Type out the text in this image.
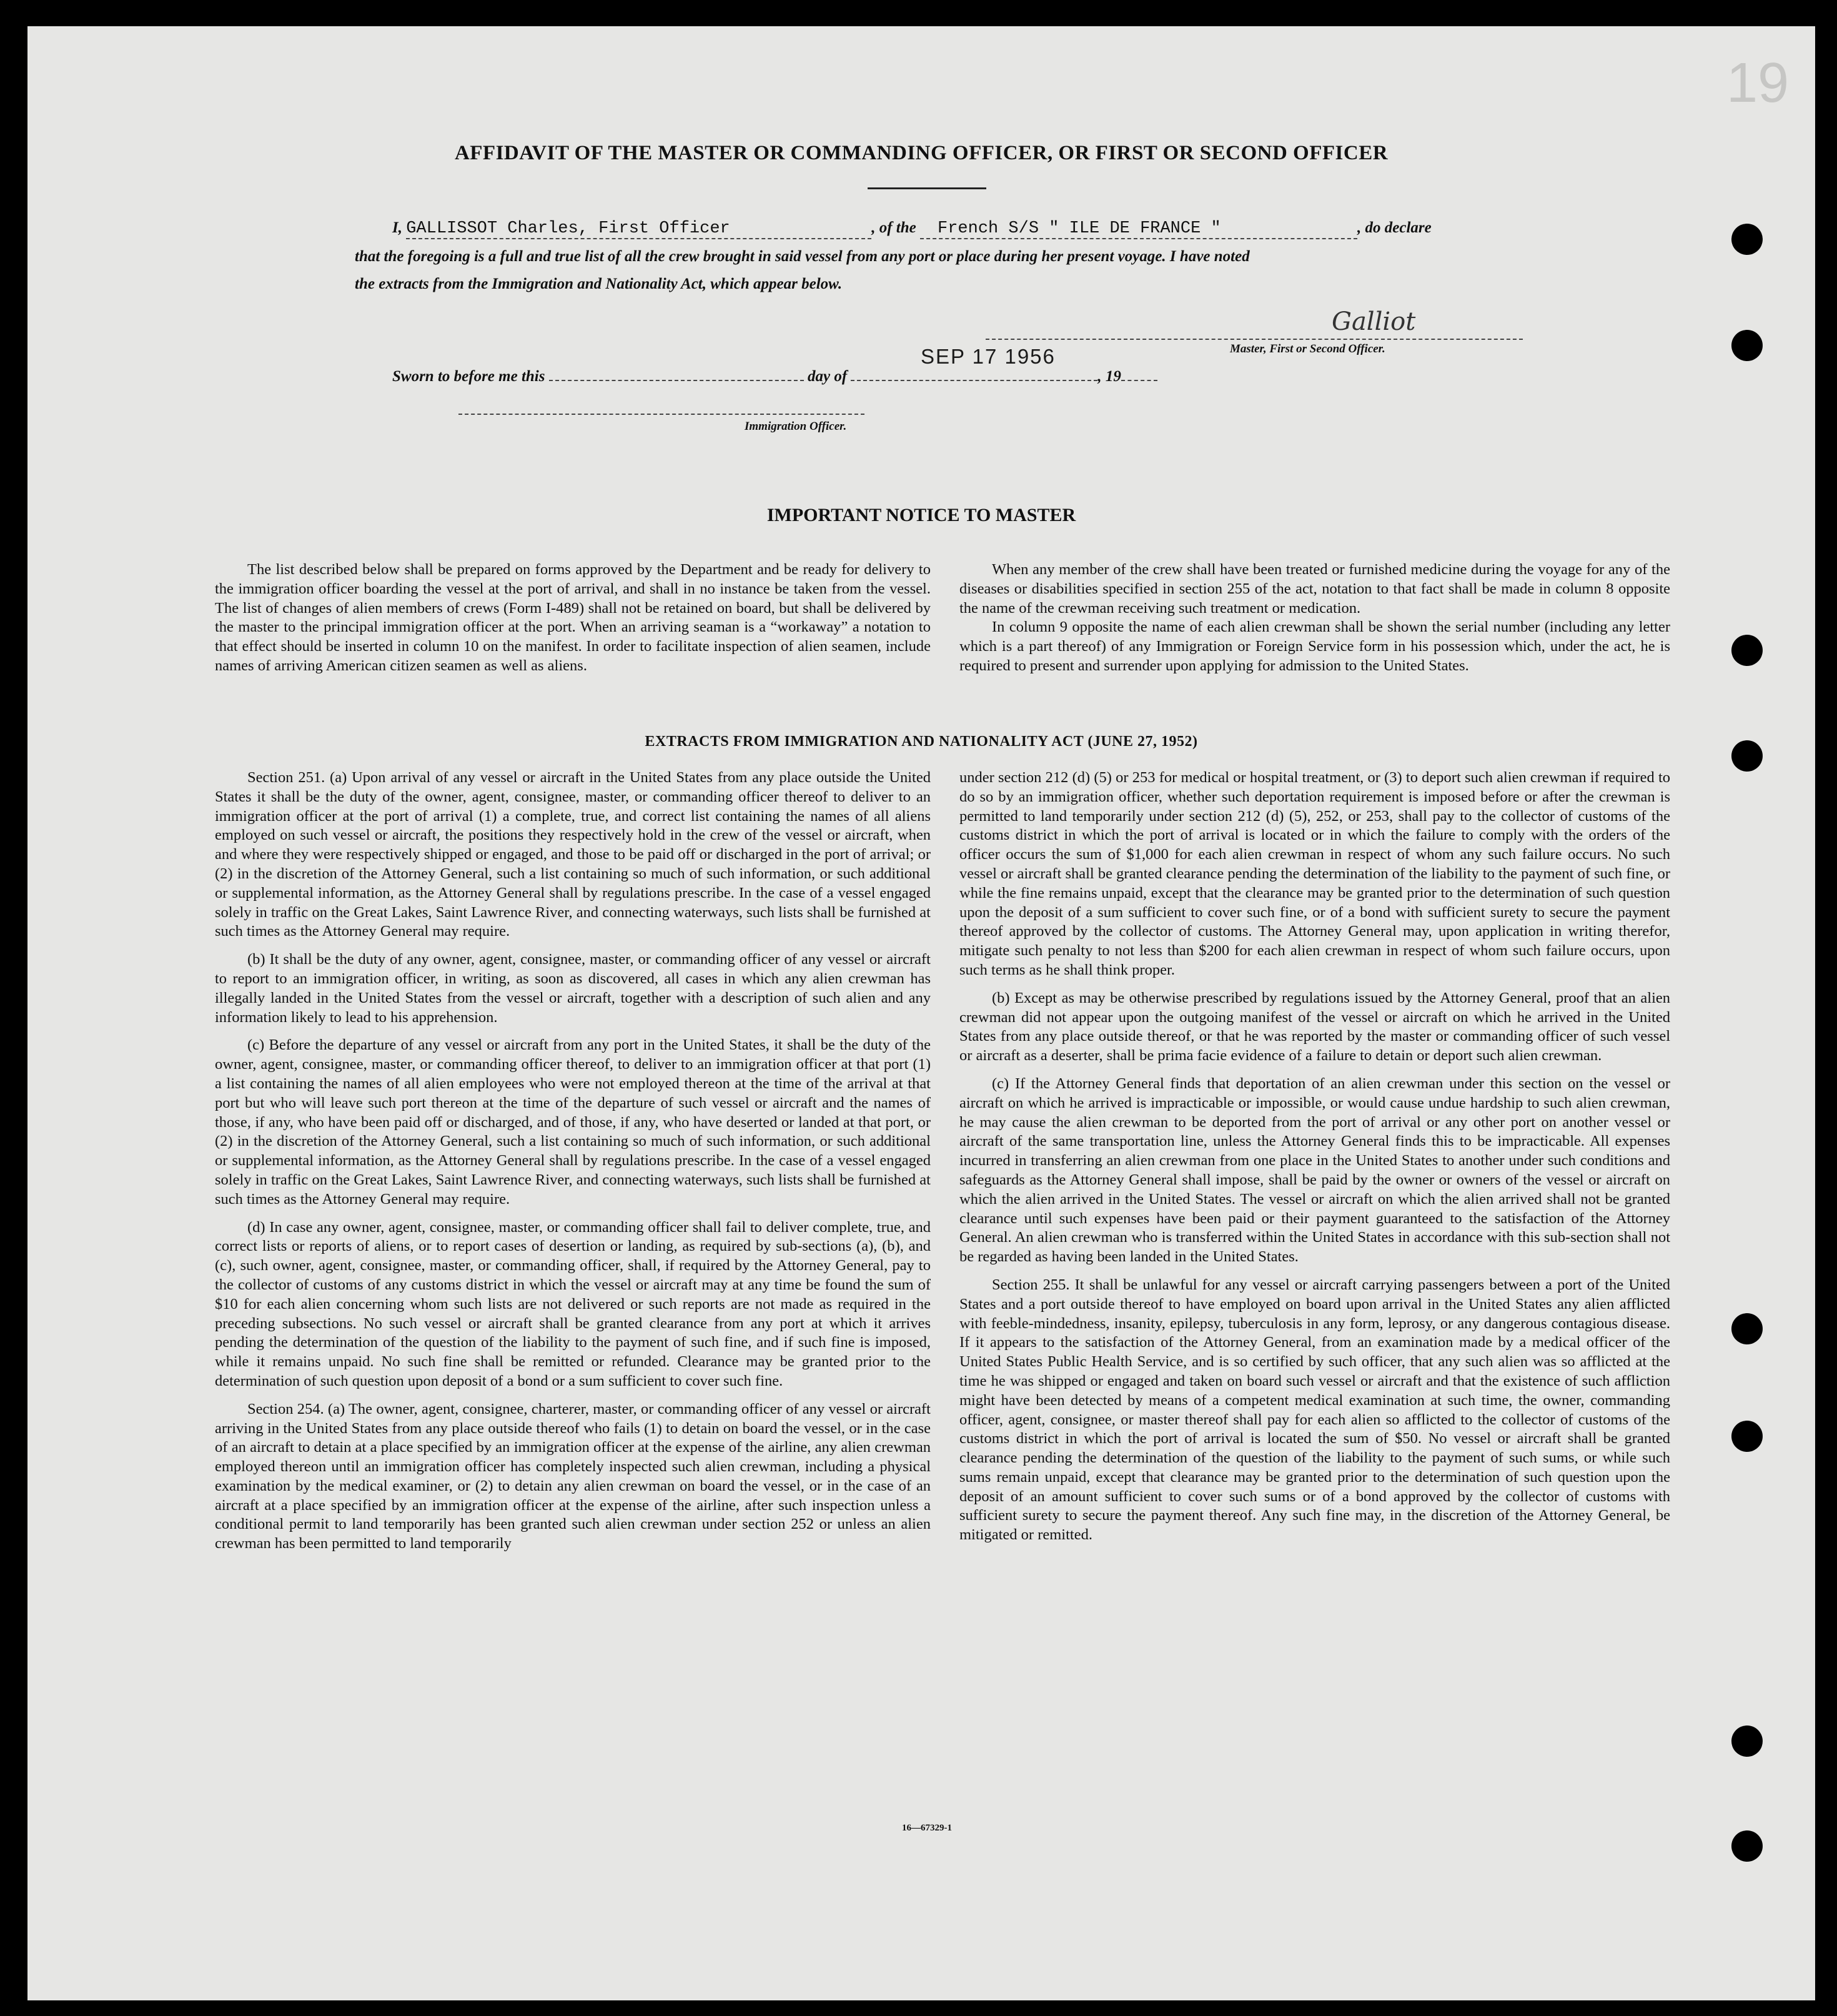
19
AFFIDAVIT OF THE MASTER OR COMMANDING OFFICER, OR FIRST OR SECOND OFFICER
I, GALLISSOT Charles, First Officer	, of the French S/S " ILE DE FRANCE "	, do declare
that the foregoing is a full and true list of all the crew brought in said vessel from any port or place during her present voyage. I have noted
the extracts from the Immigration and Nationality Act, which appear below.
Galliot
Master, First or Second Officer.
Sworn to before me this	day of	, 19
SEP 17 1956
Immigration Officer.
IMPORTANT NOTICE TO MASTER

The list described below shall be prepared on forms approved by the Department and be ready for delivery to the immigration officer boarding the vessel at the port of arrival, and shall in no instance be taken from the vessel. The list of changes of alien members of crews (Form I-489) shall not be retained on board, but shall be delivered by the master to the principal immigration officer at the port. When an arriving seaman is a “workaway” a notation to that effect should be inserted in column 10 on the manifest. In order to facilitate inspection of alien seamen, include names of arriving American citizen seamen as well as aliens.

When any member of the crew shall have been treated or furnished medicine during the voyage for any of the diseases or disabilities specified in section 255 of the act, notation to that fact shall be made in column 8 opposite the name of the crewman receiving such treatment or medication.

In column 9 opposite the name of each alien crewman shall be shown the serial number (including any letter which is a part thereof) of any Immigration or Foreign Service form in his possession which, under the act, he is required to present and surrender upon applying for admission to the United States.

EXTRACTS FROM IMMIGRATION AND NATIONALITY ACT (JUNE 27, 1952)

Section 251. (a) Upon arrival of any vessel or aircraft in the United States from any place outside the United States it shall be the duty of the owner, agent, consignee, master, or commanding officer thereof to deliver to an immigration officer at the port of arrival (1) a complete, true, and correct list containing the names of all aliens employed on such vessel or aircraft, the positions they respectively hold in the crew of the vessel or aircraft, when and where they were respectively shipped or engaged, and those to be paid off or discharged in the port of arrival; or (2) in the discretion of the Attorney General, such a list containing so much of such information, or such additional or supplemental information, as the Attorney General shall by regulations prescribe. In the case of a vessel engaged solely in traffic on the Great Lakes, Saint Lawrence River, and connecting waterways, such lists shall be furnished at such times as the Attorney General may require.

(b) It shall be the duty of any owner, agent, consignee, master, or commanding officer of any vessel or aircraft to report to an immigration officer, in writing, as soon as discovered, all cases in which any alien crewman has illegally landed in the United States from the vessel or aircraft, together with a description of such alien and any information likely to lead to his apprehension.

(c) Before the departure of any vessel or aircraft from any port in the United States, it shall be the duty of the owner, agent, consignee, master, or commanding officer thereof, to deliver to an immigration officer at that port (1) a list containing the names of all alien employees who were not employed thereon at the time of the arrival at that port but who will leave such port thereon at the time of the departure of such vessel or aircraft and the names of those, if any, who have been paid off or discharged, and of those, if any, who have deserted or landed at that port, or (2) in the discretion of the Attorney General, such a list containing so much of such information, or such additional or supplemental information, as the Attorney General shall by regulations prescribe. In the case of a vessel engaged solely in traffic on the Great Lakes, Saint Lawrence River, and connecting waterways, such lists shall be furnished at such times as the Attorney General may require.

(d) In case any owner, agent, consignee, master, or commanding officer shall fail to deliver complete, true, and correct lists or reports of aliens, or to report cases of desertion or landing, as required by sub-sections (a), (b), and (c), such owner, agent, consignee, master, or commanding officer, shall, if required by the Attorney General, pay to the collector of customs of any customs district in which the vessel or aircraft may at any time be found the sum of $10 for each alien concerning whom such lists are not delivered or such reports are not made as required in the preceding subsections. No such vessel or aircraft shall be granted clearance from any port at which it arrives pending the determination of the question of the liability to the payment of such fine, and if such fine is imposed, while it remains unpaid. No such fine shall be remitted or refunded. Clearance may be granted prior to the determination of such question upon deposit of a bond or a sum sufficient to cover such fine.

Section 254. (a) The owner, agent, consignee, charterer, master, or commanding officer of any vessel or aircraft arriving in the United States from any place outside thereof who fails (1) to detain on board the vessel, or in the case of an aircraft to detain at a place specified by an immigration officer at the expense of the airline, any alien crewman employed thereon until an immigration officer has completely inspected such alien crewman, including a physical examination by the medical examiner, or (2) to detain any alien crewman on board the vessel, or in the case of an aircraft at a place specified by an immigration officer at the expense of the airline, after such inspection unless a conditional permit to land temporarily has been granted such alien crewman under section 252 or unless an alien crewman has been permitted to land temporarily

under section 212 (d) (5) or 253 for medical or hospital treatment, or (3) to deport such alien crewman if required to do so by an immigration officer, whether such deportation requirement is imposed before or after the crewman is permitted to land temporarily under section 212 (d) (5), 252, or 253, shall pay to the collector of customs of the customs district in which the port of arrival is located or in which the failure to comply with the orders of the officer occurs the sum of $1,000 for each alien crewman in respect of whom any such failure occurs. No such vessel or aircraft shall be granted clearance pending the determination of the liability to the payment of such fine, or while the fine remains unpaid, except that the clearance may be granted prior to the determination of such question upon the deposit of a sum sufficient to cover such fine, or of a bond with sufficient surety to secure the payment thereof approved by the collector of customs. The Attorney General may, upon application in writing therefor, mitigate such penalty to not less than $200 for each alien crewman in respect of whom such failure occurs, upon such terms as he shall think proper.

(b) Except as may be otherwise prescribed by regulations issued by the Attorney General, proof that an alien crewman did not appear upon the outgoing manifest of the vessel or aircraft on which he arrived in the United States from any place outside thereof, or that he was reported by the master or commanding officer of such vessel or aircraft as a deserter, shall be prima facie evidence of a failure to detain or deport such alien crewman.

(c) If the Attorney General finds that deportation of an alien crewman under this section on the vessel or aircraft on which he arrived is impracticable or impossible, or would cause undue hardship to such alien crewman, he may cause the alien crewman to be deported from the port of arrival or any other port on another vessel or aircraft of the same transportation line, unless the Attorney General finds this to be impracticable. All expenses incurred in transferring an alien crewman from one place in the United States to another under such conditions and safeguards as the Attorney General shall impose, shall be paid by the owner or owners of the vessel or aircraft on which the alien arrived in the United States. The vessel or aircraft on which the alien arrived shall not be granted clearance until such expenses have been paid or their payment guaranteed to the satisfaction of the Attorney General. An alien crewman who is transferred within the United States in accordance with this sub-section shall not be regarded as having been landed in the United States.

Section 255. It shall be unlawful for any vessel or aircraft carrying passengers between a port of the United States and a port outside thereof to have employed on board upon arrival in the United States any alien afflicted with feeble-mindedness, insanity, epilepsy, tuberculosis in any form, leprosy, or any dangerous contagious disease. If it appears to the satisfaction of the Attorney General, from an examination made by a medical officer of the United States Public Health Service, and is so certified by such officer, that any such alien was so afflicted at the time he was shipped or engaged and taken on board such vessel or aircraft and that the existence of such affliction might have been detected by means of a competent medical examination at such time, the owner, commanding officer, agent, consignee, or master thereof shall pay for each alien so afflicted to the collector of customs of the customs district in which the port of arrival is located the sum of $50. No vessel or aircraft shall be granted clearance pending the determination of the question of the liability to the payment of such sums, or while such sums remain unpaid, except that clearance may be granted prior to the determination of such question upon the deposit of an amount sufficient to cover such sums or of a bond approved by the collector of customs with sufficient surety to secure the payment thereof. Any such fine may, in the discretion of the Attorney General, be mitigated or remitted.

16—67329-1
